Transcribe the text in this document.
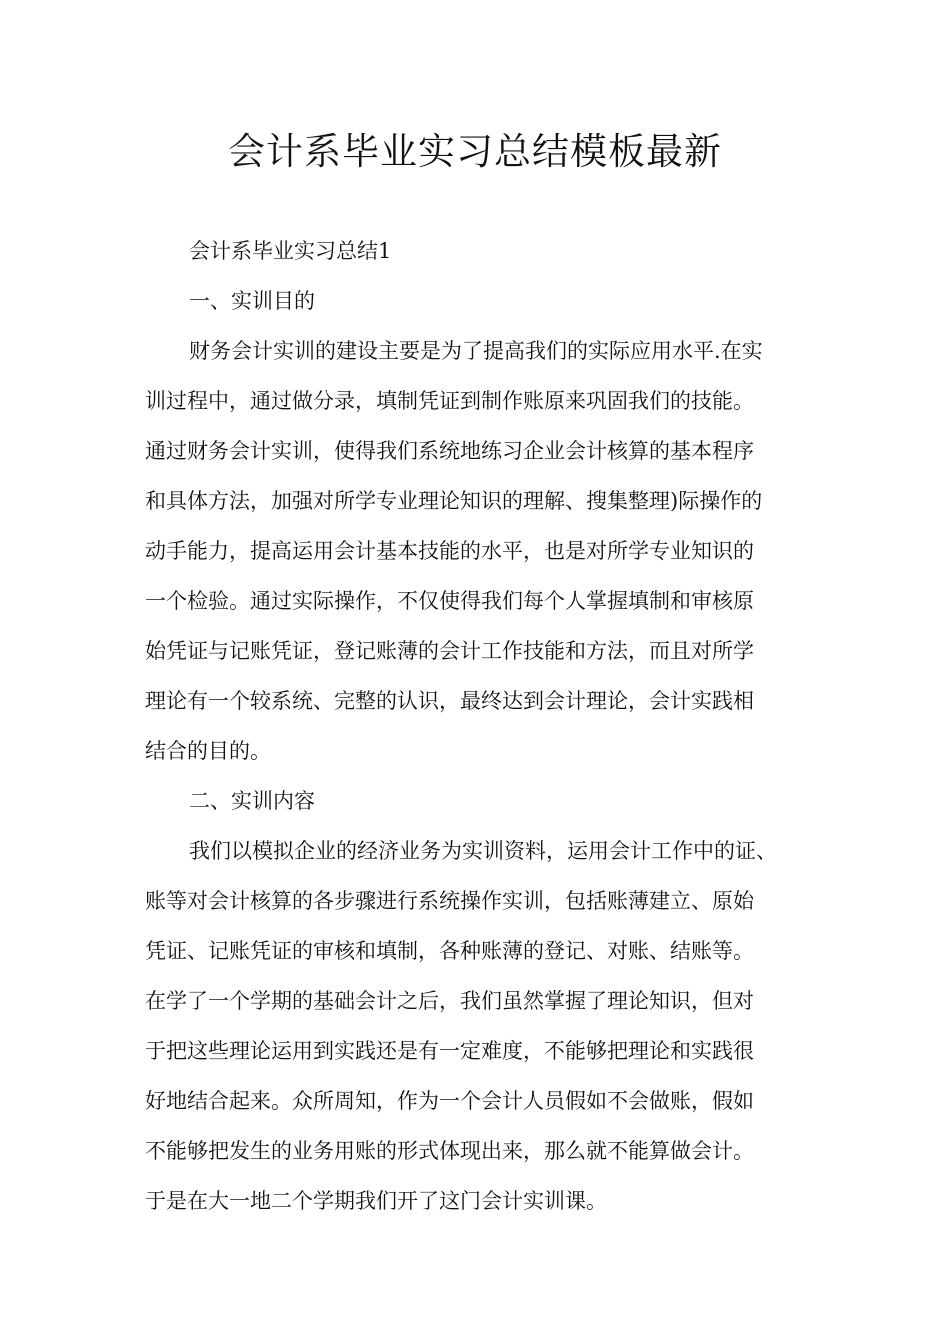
会计系毕业实习总结模板最新
会计系毕业实习总结1
一、实训目的
财务会计实训的建设主要是为了提高我们的实际应用水平.在实
训过程中，通过做分录，填制凭证到制作账原来巩固我们的技能。
通过财务会计实训，使得我们系统地练习企业会计核算的基本程序
和具体方法，加强对所学专业理论知识的理解、搜集整理)际操作的
动手能力，提高运用会计基本技能的水平，也是对所学专业知识的
一个检验。通过实际操作，不仅使得我们每个人掌握填制和审核原
始凭证与记账凭证，登记账薄的会计工作技能和方法，而且对所学
理论有一个较系统、完整的认识，最终达到会计理论，会计实践相
结合的目的。
二、实训内容
我们以模拟企业的经济业务为实训资料，运用会计工作中的证、
账等对会计核算的各步骤进行系统操作实训，包括账薄建立、原始
凭证、记账凭证的审核和填制，各种账薄的登记、对账、结账等。
在学了一个学期的基础会计之后，我们虽然掌握了理论知识，但对
于把这些理论运用到实践还是有一定难度，不能够把理论和实践很
好地结合起来。众所周知，作为一个会计人员假如不会做账，假如
不能够把发生的业务用账的形式体现出来，那么就不能算做会计。
于是在大一地二个学期我们开了这门会计实训课。
